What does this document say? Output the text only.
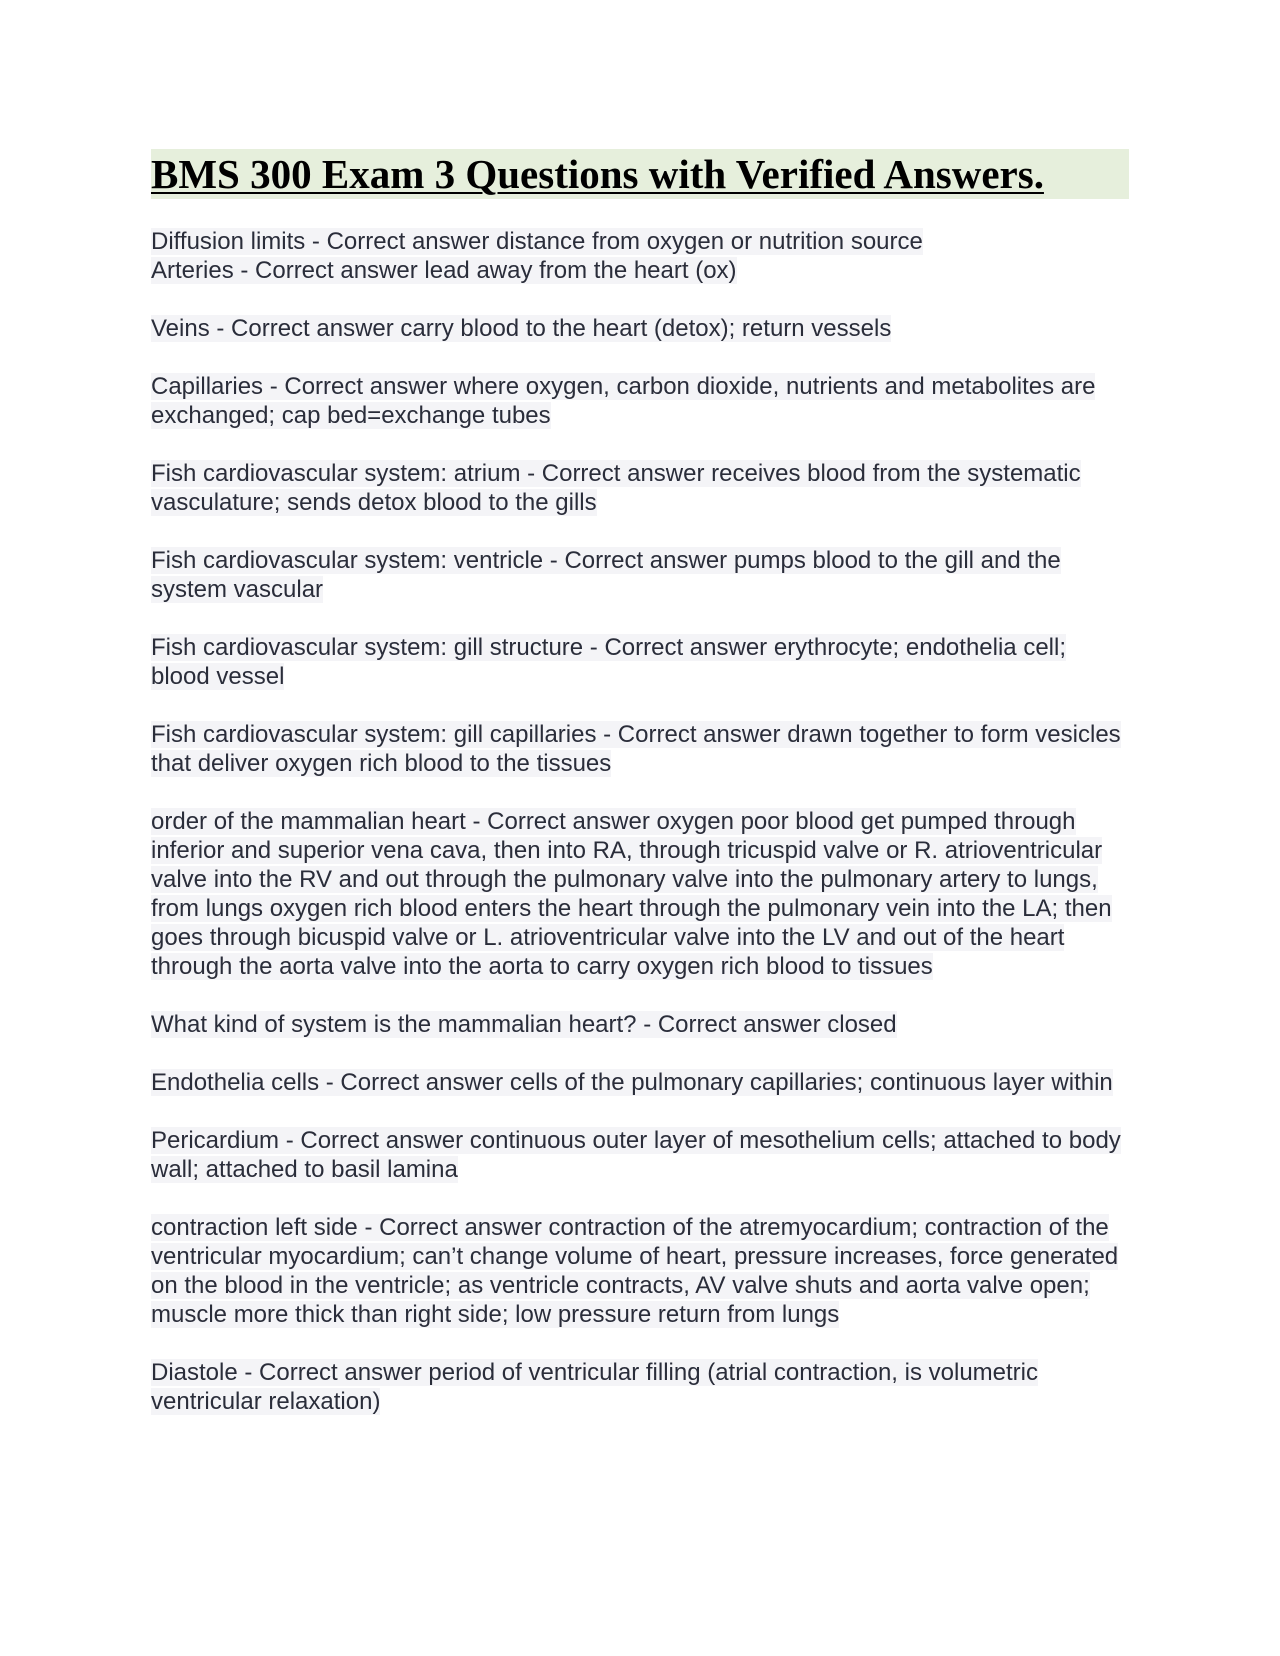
BMS 300 Exam 3 Questions with Verified Answers.

Diffusion limits - Correct answer distance from oxygen or nutrition source

Arteries - Correct answer lead away from the heart (ox)

Veins - Correct answer carry blood to the heart (detox); return vessels

Capillaries - Correct answer where oxygen, carbon dioxide, nutrients and metabolites are exchanged; cap bed=exchange tubes

Fish cardiovascular system: atrium - Correct answer receives blood from the systematic vasculature; sends detox blood to the gills

Fish cardiovascular system: ventricle - Correct answer pumps blood to the gill and the system vascular

Fish cardiovascular system: gill structure - Correct answer erythrocyte; endothelia cell; blood vessel

Fish cardiovascular system: gill capillaries - Correct answer drawn together to form vesicles that deliver oxygen rich blood to the tissues

order of the mammalian heart - Correct answer oxygen poor blood get pumped through inferior and superior vena cava, then into RA, through tricuspid valve or R. atrioventricular valve into the RV and out through the pulmonary valve into the pulmonary artery to lungs, from lungs oxygen rich blood enters the heart through the pulmonary vein into the LA; then goes through bicuspid valve or L. atrioventricular valve into the LV and out of the heart through the aorta valve into the aorta to carry oxygen rich blood to tissues

What kind of system is the mammalian heart? - Correct answer closed

Endothelia cells - Correct answer cells of the pulmonary capillaries; continuous layer within

Pericardium - Correct answer continuous outer layer of mesothelium cells; attached to body wall; attached to basil lamina

contraction left side - Correct answer contraction of the atremyocardium; contraction of the ventricular myocardium; can’t change volume of heart, pressure increases, force generated on the blood in the ventricle; as ventricle contracts, AV valve shuts and aorta valve open; muscle more thick than right side; low pressure return from lungs

Diastole - Correct answer period of ventricular filling (atrial contraction, is volumetric ventricular relaxation)
